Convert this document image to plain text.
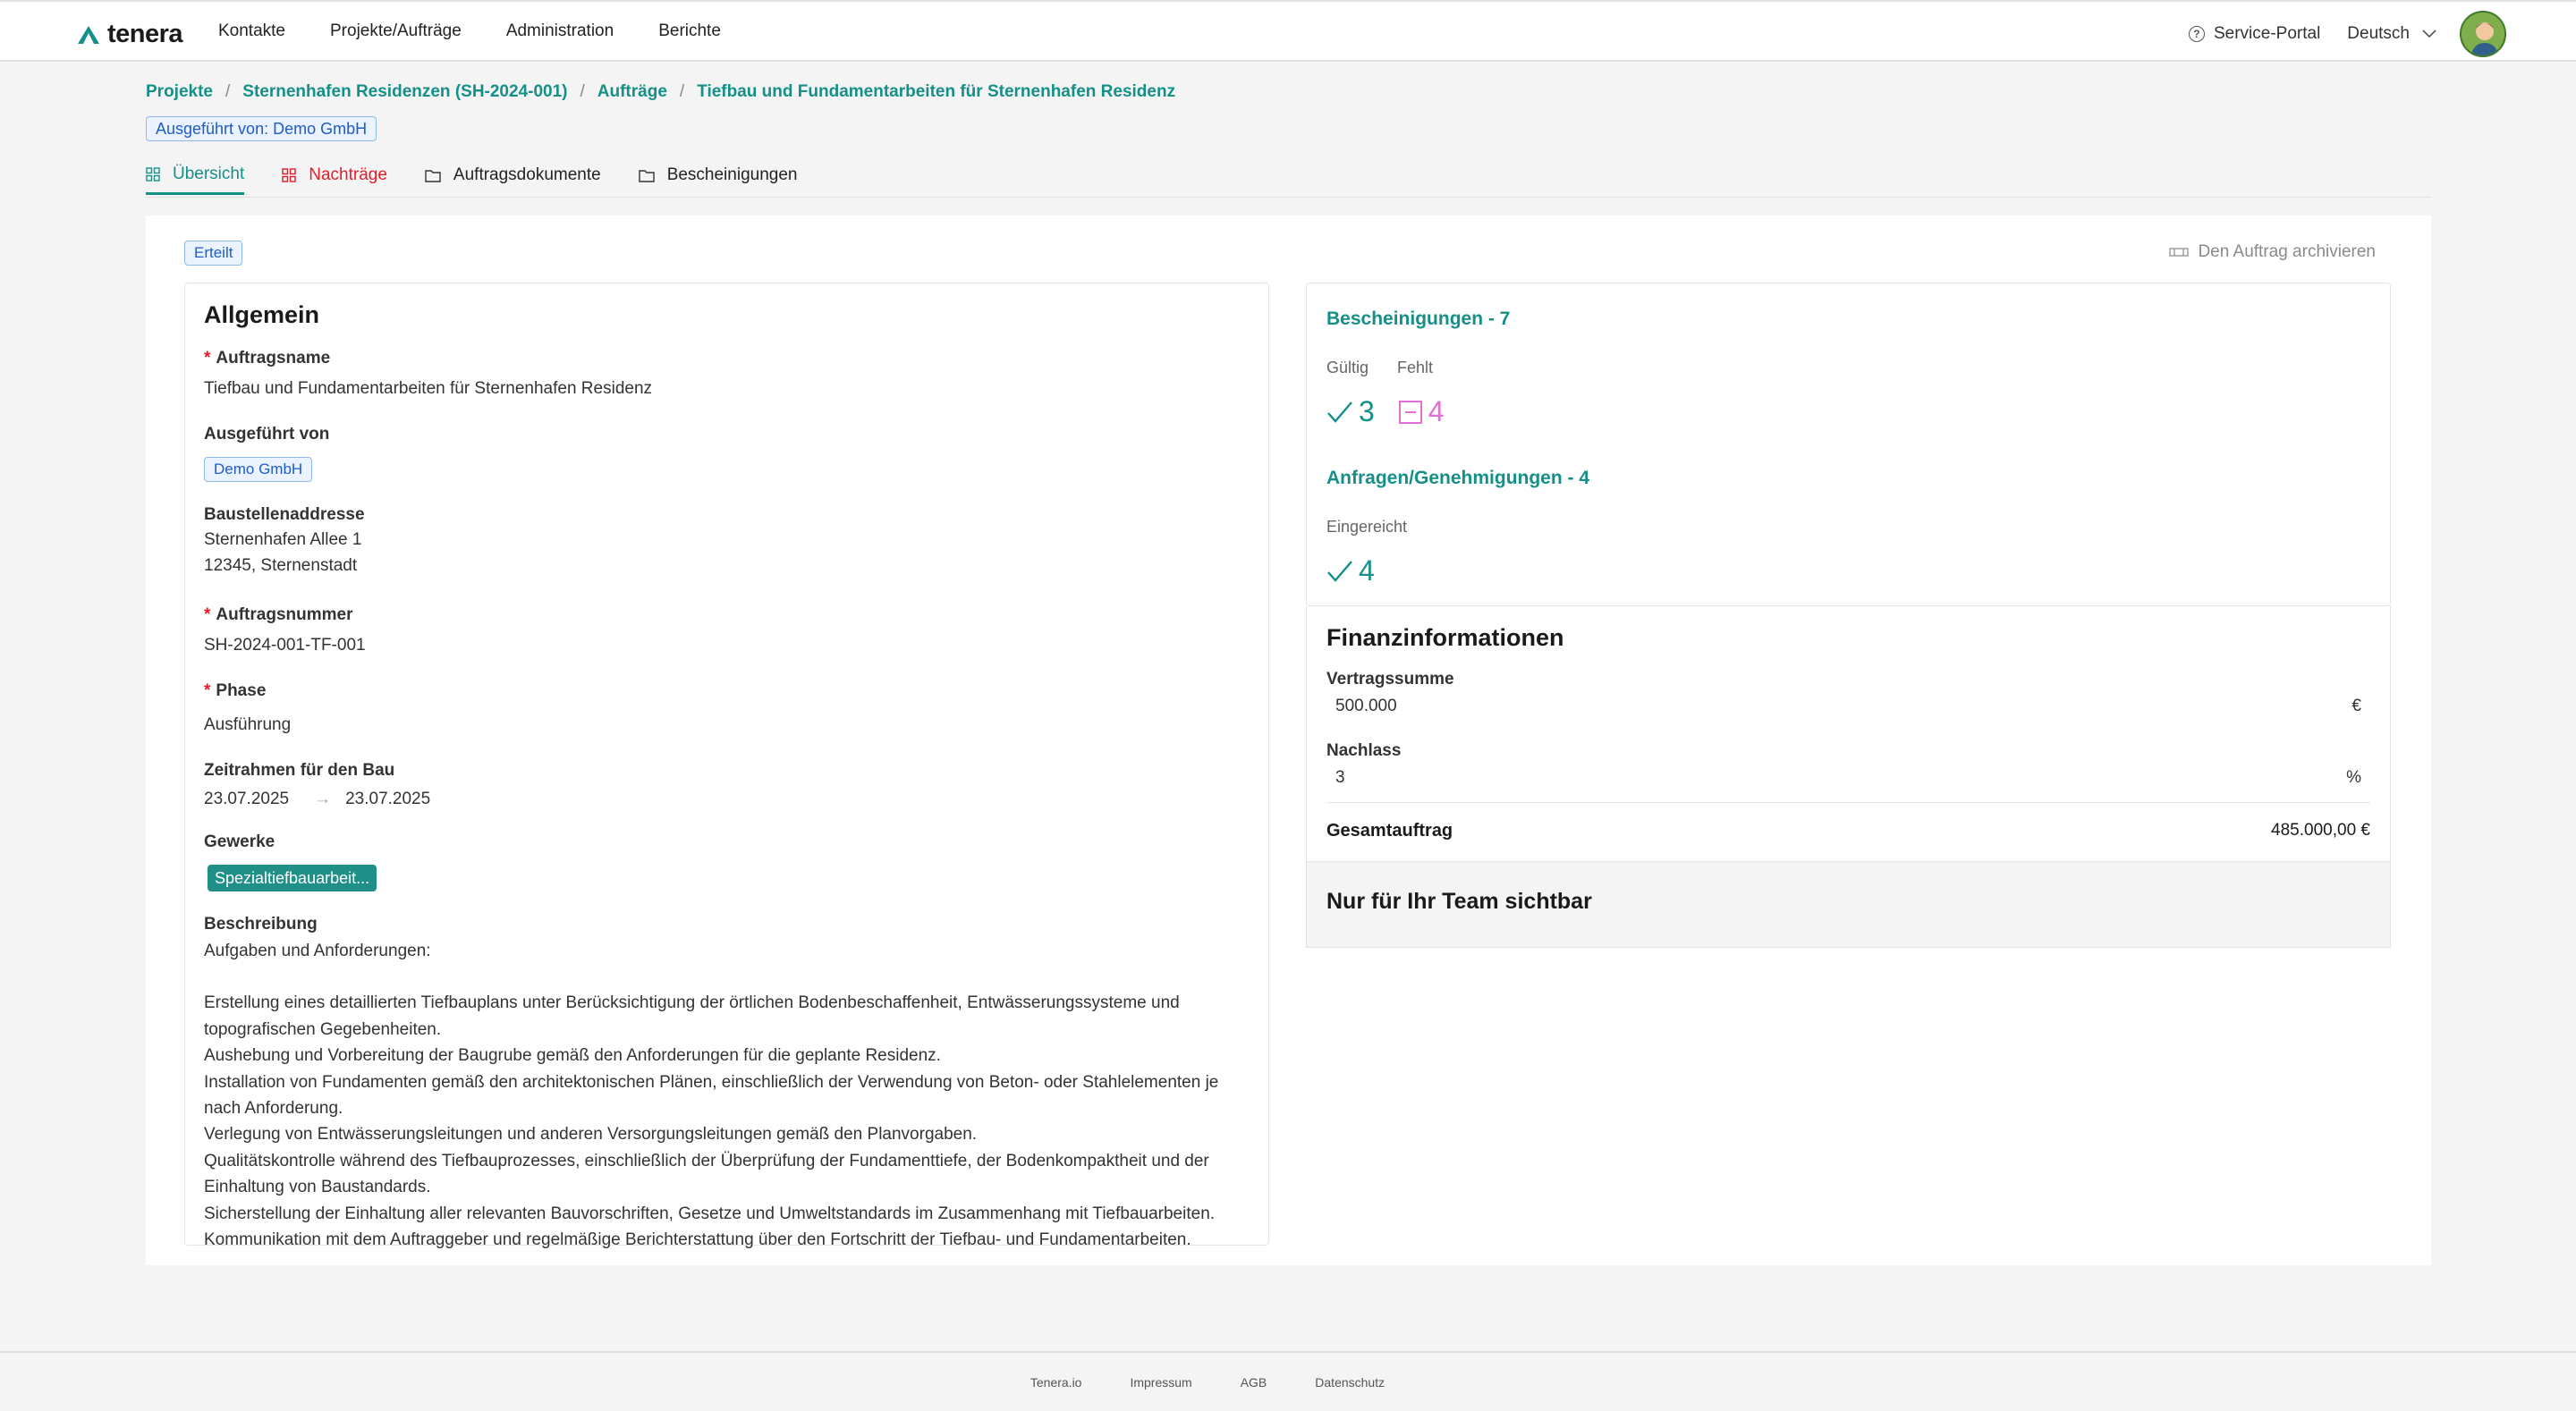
tenera Kontakte	Projekte/Aufträge	Administration	Berichte	? Service-Portal Deutsch
Projekte / Sternenhafen Residenzen (SH-2024-001) / Aufträge / Tiefbau und Fundamentarbeiten für Sternenhafen Residenz
Ausgeführt von: Demo GmbH
Übersicht	Nachträge	Auftragsdokumente	Bescheinigungen
Erteilt	Den Auftrag archivieren
Allgemein
* Auftragsname
Tiefbau und Fundamentarbeiten für Sternenhafen Residenz
Ausgeführt von
Demo GmbH
Baustellenaddresse
Sternenhafen Allee 1
12345, Sternenstadt
* Auftragsnummer
SH-2024-001-TF-001
* Phase
Ausführung
Zeitrahmen für den Bau
23.07.2025 → 23.07.2025
Gewerke
Spezialtiefbauarbeit...
Beschreibung
Aufgaben und Anforderungen:
Erstellung eines detaillierten Tiefbauplans unter Berücksichtigung der örtlichen Bodenbeschaffenheit, Entwässerungssysteme und topografischen Gegebenheiten.
Aushebung und Vorbereitung der Baugrube gemäß den Anforderungen für die geplante Residenz.
Installation von Fundamenten gemäß den architektonischen Plänen, einschließlich der Verwendung von Beton- oder Stahlelementen je nach Anforderung.
Verlegung von Entwässerungsleitungen und anderen Versorgungsleitungen gemäß den Planvorgaben.
Qualitätskontrolle während des Tiefbauprozesses, einschließlich der Überprüfung der Fundamenttiefe, der Bodenkompaktheit und der Einhaltung von Baustandards.
Sicherstellung der Einhaltung aller relevanten Bauvorschriften, Gesetze und Umweltstandards im Zusammenhang mit Tiefbauarbeiten.
Kommunikation mit dem Auftraggeber und regelmäßige Berichterstattung über den Fortschritt der Tiefbau- und Fundamentarbeiten.
Bescheinigungen - 7
Gültig Fehlt
3 4
Anfragen/Genehmigungen - 4
Eingereicht
4
Finanzinformationen
Vertragssumme
500.000	€
Nachlass
3	%
Gesamtauftrag	485.000,00 €
Nur für Ihr Team sichtbar
Tenera.io	Impressum	AGB	Datenschutz
